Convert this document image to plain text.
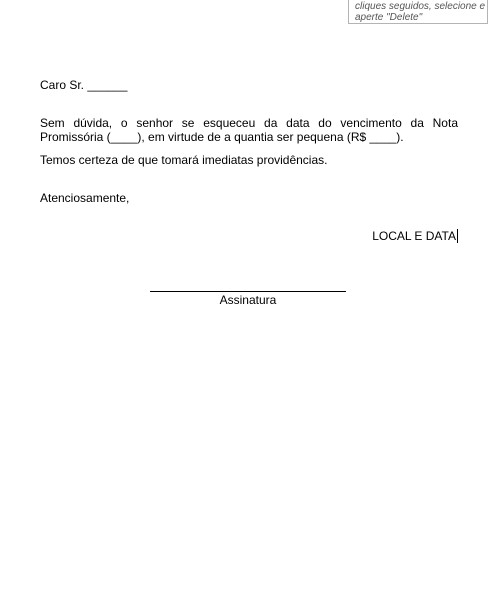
cliques seguidos, selecione e
aperte "Delete"

Caro Sr. ______

Sem dúvida, o senhor se esqueceu da data do vencimento da Nota Promissória (____), em virtude de a quantia ser pequena (R$ ____).

Temos certeza de que tomará imediatas providências.

Atenciosamente,

LOCAL E DATA

Assinatura
